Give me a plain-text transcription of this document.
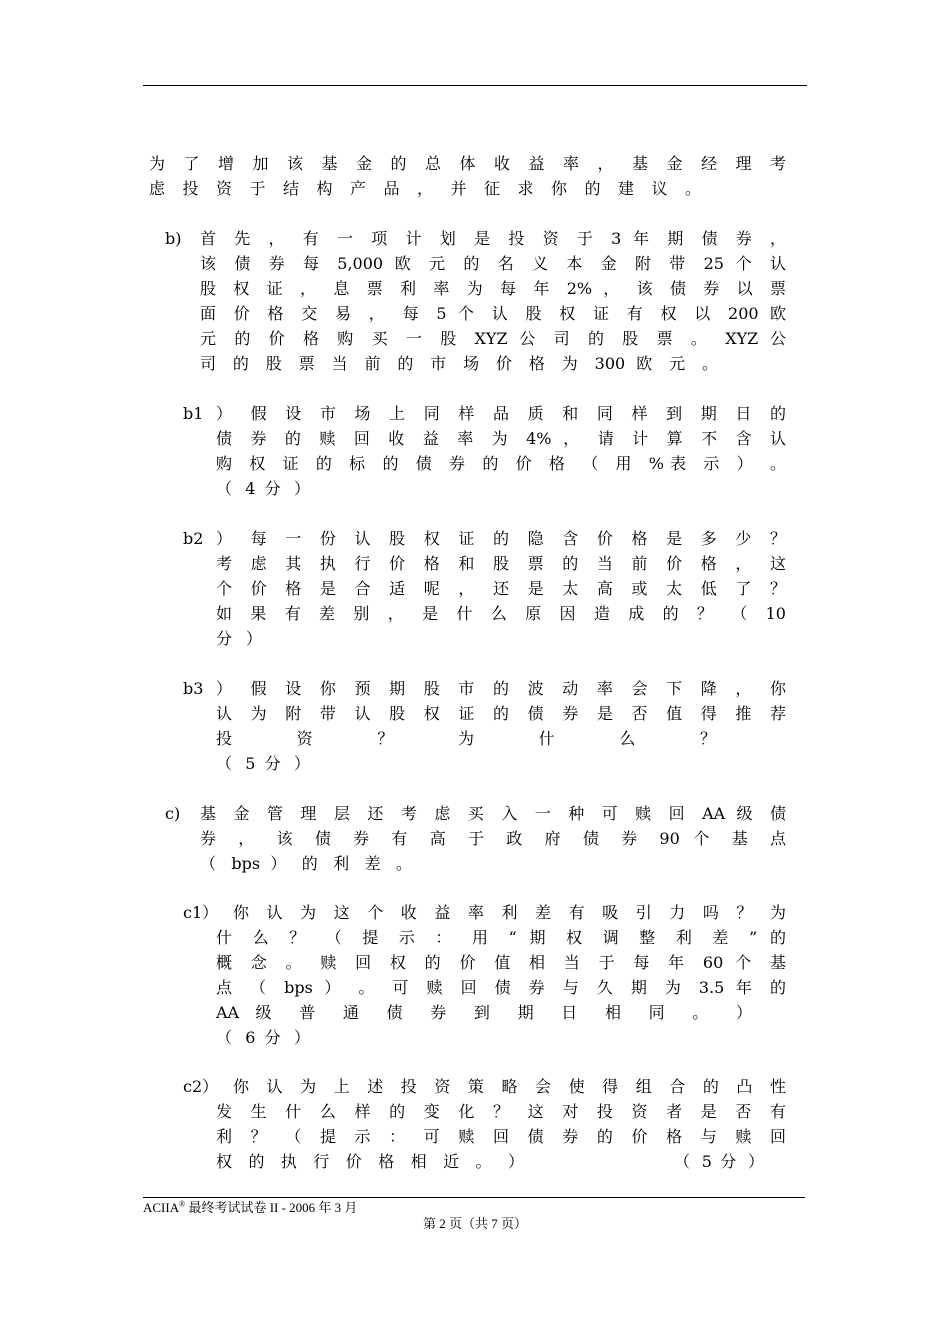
为 了 增 加 该 基 金 的 总 体 收 益 率 ， 基 金 经 理 考
虑 投 资 于 结 构 产 品 ， 并 征 求 你 的 建 议 。
b) 首 先 ， 有 一 项 计 划 是 投 资 于 3 年 期 债 券 ，
该 债 券 每 5,000 欧 元 的 名 义 本 金 附 带 25 个 认
股 权 证 ， 息 票 利 率 为 每 年 2% ， 该 债 券 以 票
面 价 格 交 易 ， 每 5 个 认 股 权 证 有 权 以 200 欧
元 的 价 格 购 买 一 股 XYZ 公 司 的 股 票 。 XYZ 公
司 的 股 票 当 前 的 市 场 价 格 为 300 欧 元 。
b1 ） 假 设 市 场 上 同 样 品 质 和 同 样 到 期 日 的
债 券 的 赎 回 收 益 率 为 4% ， 请 计 算 不 含 认
购 权 证 的 标 的 债 券 的 价 格 （ 用 %表 示 ） 。
（ 4 分 ）
b2 ） 每 一 份 认 股 权 证 的 隐 含 价 格 是 多 少 ？
考 虑 其 执 行 价 格 和 股 票 的 当 前 价 格 ， 这
个 价 格 是 合 适 呢 ， 还 是 太 高 或 太 低 了 ？
如 果 有 差 别 ， 是 什 么 原 因 造 成 的 ？ （ 10
分 ）
b3 ） 假 设 你 预 期 股 市 的 波 动 率 会 下 降 ， 你
认 为 附 带 认 股 权 证 的 债 券 是 否 值 得 推 荐
投 资 ？ 为 什 么 ？
（ 5 分 ）
c) 基 金 管 理 层 还 考 虑 买 入 一 种 可 赎 回 AA 级 债
券 ， 该 债 券 有 高 于 政 府 债 券 90 个 基 点
（ bps ） 的 利 差 。
c1） 你 认 为 这 个 收 益 率 利 差 有 吸 引 力 吗 ？ 为
什 么 ？ （ 提 示 ： 用 “ 期 权 调 整 利 差 ” 的
概 念 。 赎 回 权 的 价 值 相 当 于 每 年 60 个 基
点 （ bps ） 。 可 赎 回 债 券 与 久 期 为 3.5 年 的
AA 级 普 通 债 券 到 期 日 相 同 。 ）
（ 6 分 ）
c2） 你 认 为 上 述 投 资 策 略 会 使 得 组 合 的 凸 性
发 生 什 么 样 的 变 化 ？ 这 对 投 资 者 是 否 有
利 ？ （ 提 示 ： 可 赎 回 债 券 的 价 格 与 赎 回
权 的 执 行 价 格 相 近 。 ）	（ 5 分 ）
ACIIA® 最终考试试卷 II - 2006 年 3 月
第 2 页（共 7 页）
